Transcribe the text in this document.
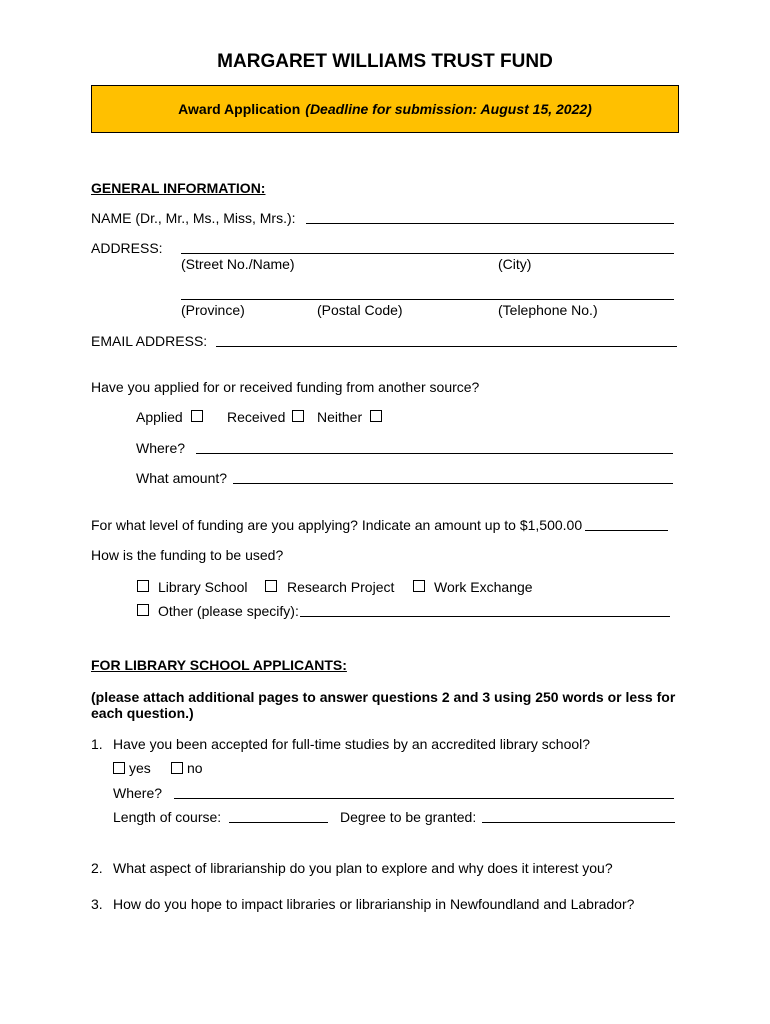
MARGARET WILLIAMS TRUST FUND
Award Application (Deadline for submission: August 15, 2022)
GENERAL INFORMATION:
NAME (Dr., Mr., Ms., Miss, Mrs.):
ADDRESS:
(Street No./Name)	(City)
(Province)	(Postal Code)	(Telephone No.)
EMAIL ADDRESS:
Have you applied for or received funding from another source?
Applied	Received Neither
Where?
What amount?
For what level of funding are you applying? Indicate an amount up to $1,500.00
How is the funding to be used?
Library School	Research Project	Work Exchange
Other (please specify):
FOR LIBRARY SCHOOL APPLICANTS:
(please attach additional pages to answer questions 2 and 3 using 250 words or less for each question.)
1. Have you been accepted for full-time studies by an accredited library school?
yes	no
Where?
Length of course:	Degree to be granted:
2. What aspect of librarianship do you plan to explore and why does it interest you?
3. How do you hope to impact libraries or librarianship in Newfoundland and Labrador?
